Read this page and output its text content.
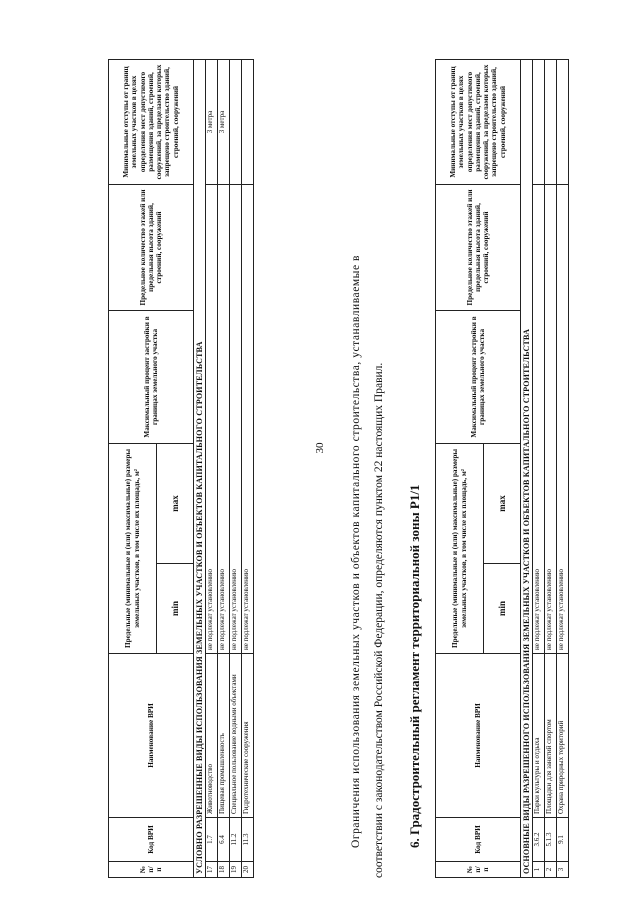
30
№ п/п	Код ВРИ	Наименование ВРИ	Предельные (минимальные и (или) максимальные) размеры земельных участков, в том числе их площадь, м²		Максимальный процент застройки в границах земельного участка	Предельное количество этажей или предельная высота зданий, строений, сооружений	Минимальные отступы от границ земельных участков в целях определения мест допустимого размещения зданий, строений, сооружений, за пределами которых запрещено строительство зданий, строений, сооружений
			min	max			
УСЛОВНО РАЗРЕШЕННЫЕ ВИДЫ ИСПОЛЬЗОВАНИЯ ЗЕМЕЛЬНЫХ УЧАСТКОВ И ОБЪЕКТОВ КАПИТАЛЬНОГО СТРОИТЕЛЬСТВА							
17	1.7	Животноводство	не подлежат установлению				3 метра
18	6.4	Пищевая промышленность	не подлежат установлению				3 метра
19	11.2	Специальное пользование водными объектами	не подлежат установлению				
20	11.3	Гидротехнические сооружения	не подлежат установлению					Ограничения использования земельных участков и объектов капитального строительства, устанавливаемые в соответствии с законодательством Российской Федерации, определяются пунктом 22 настоящих Правил. 6. Градостроительный регламент территориальной зоны Р1/1
№ п/п	Код ВРИ	Наименование ВРИ	Предельные (минимальные и (или) максимальные) размеры земельных участков, в том числе их площадь, м²		Максимальный процент застройки в границах земельного участка	Предельное количество этажей или предельная высота зданий, строений, сооружений	Минимальные отступы от границ земельных участков в целях определения мест допустимого размещения зданий, строений, сооружений, за пределами которых запрещено строительство зданий, строений, сооружений
			min	max			
ОСНОВНЫЕ ВИДЫ РАЗРЕШЕННОГО ИСПОЛЬЗОВАНИЯ ЗЕМЕЛЬНЫХ УЧАСТКОВ И ОБЪЕКТОВ КАПИТАЛЬНОГО СТРОИТЕЛЬСТВА							
1	3.6.2	Парки культуры и отдыха	не подлежат установлению				
2	5.1.3	Площадки для занятий спортом	не подлежат установлению				
3	9.1	Охрана природных территорий	не подлежат установлению				
